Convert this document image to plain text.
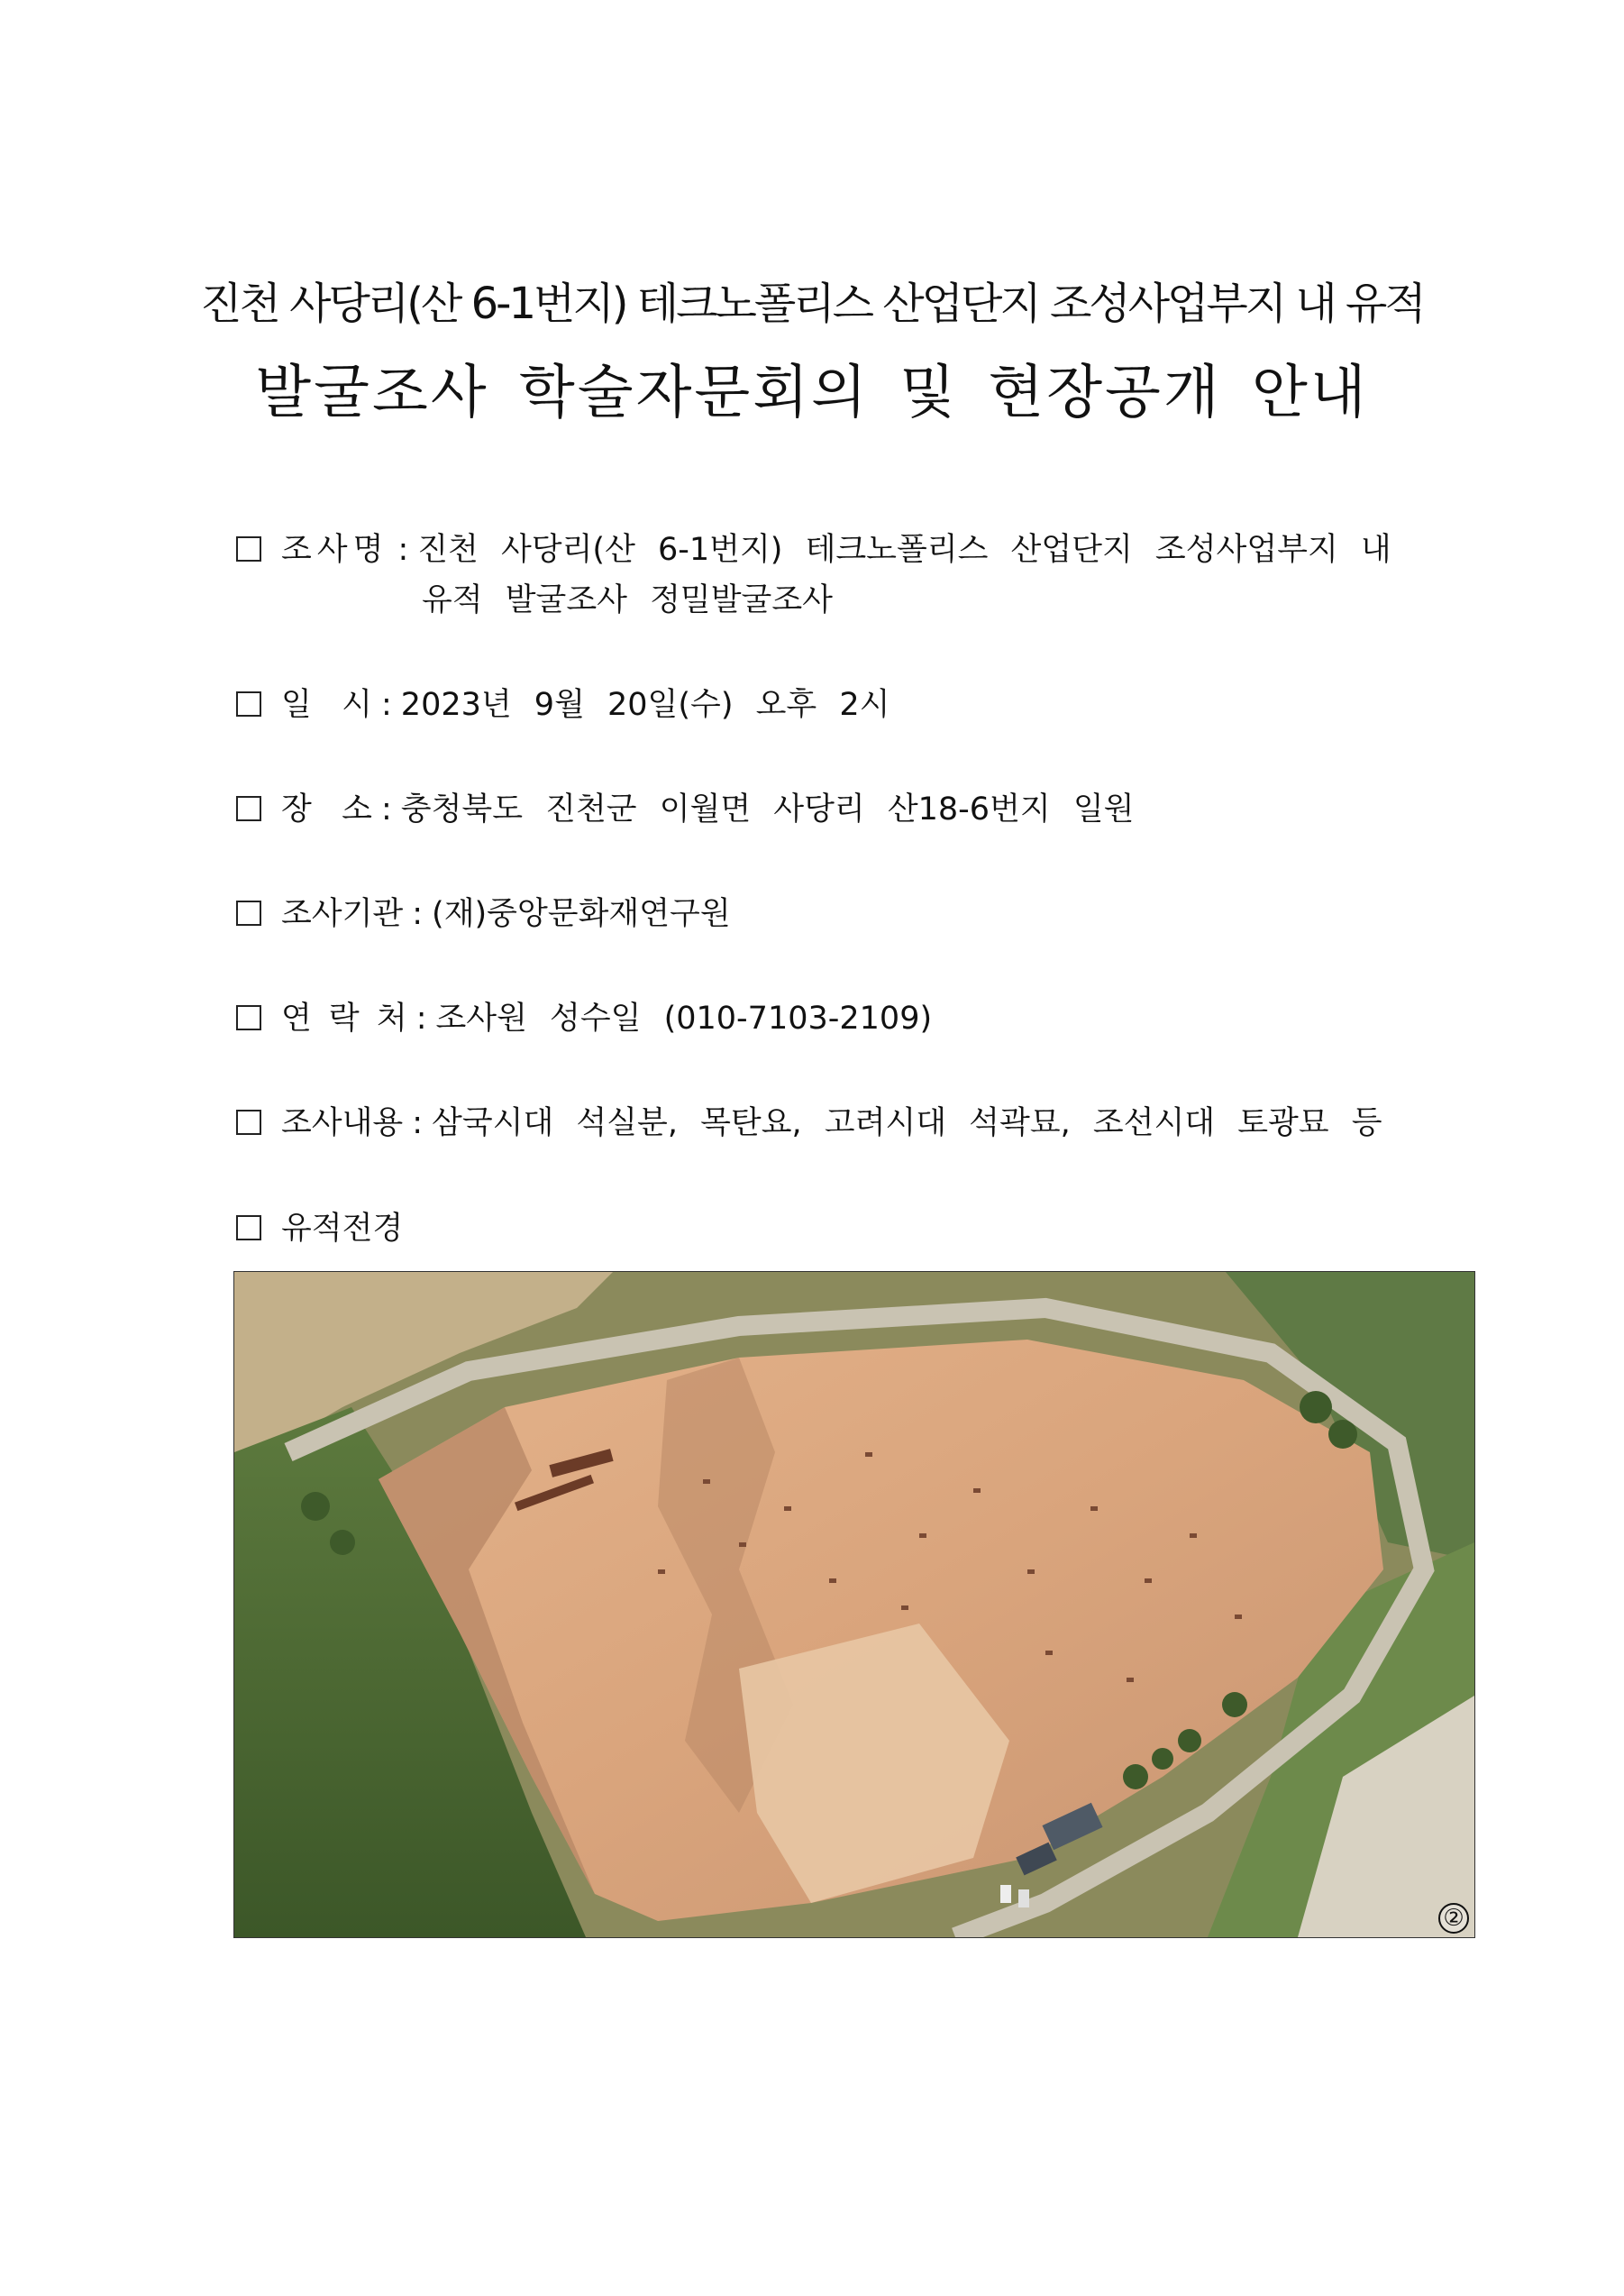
진천 사당리(산 6-1번지) 테크노폴리스 산업단지 조성사업부지 내 유적
발굴조사 학술자문회의 및 현장공개 안내
조사명 : 진천 사당리(산 6-1번지) 테크노폴리스 산업단지 조성사업부지 내
유적 발굴조사 정밀발굴조사
일   시 : 2023년 9월 20일(수) 오후 2시
장   소 : 충청북도 진천군 이월면 사당리 산18-6번지 일원
조사기관 : (재)중앙문화재연구원
연 락 처 : 조사원 성수일 (010-7103-2109)
조사내용 : 삼국시대 석실분, 목탄요, 고려시대 석곽묘, 조선시대 토광묘 등
유적전경
②
